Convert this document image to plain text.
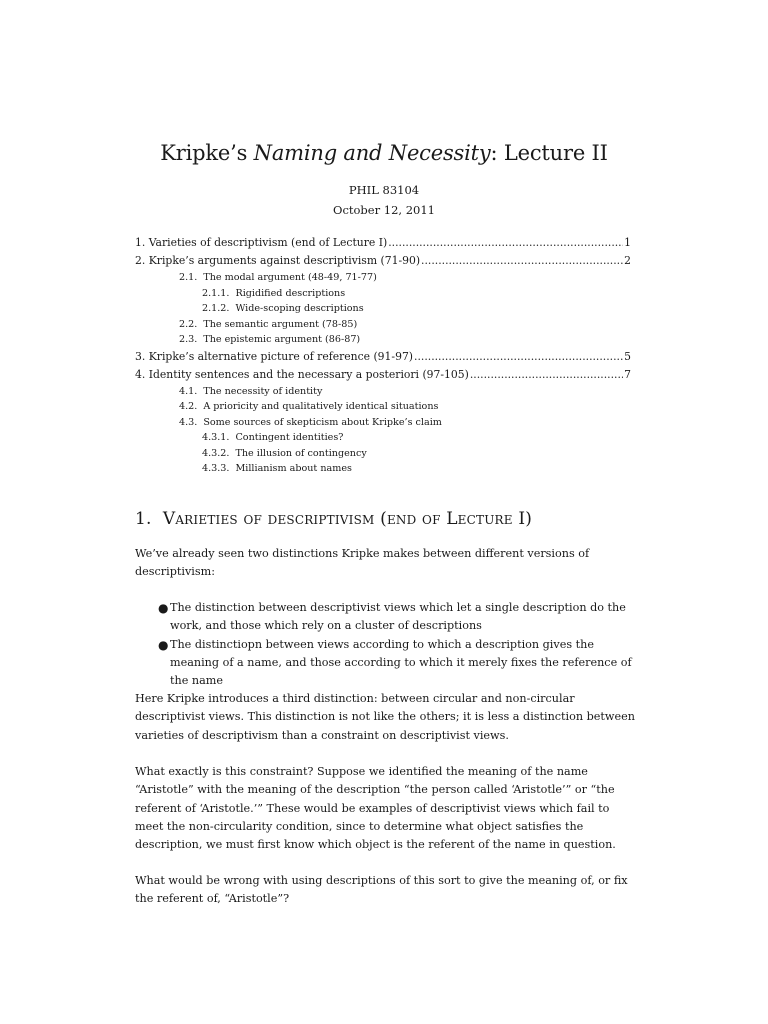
Kripke’s Naming and Necessity: Lecture II
PHIL 83104
October 12, 2011
1. Varieties of descriptivism (end of Lecture I) .....	1
2. Kripke’s arguments against descriptivism (71-90) .....	2
2.1. The modal argument (48-49, 71-77)
2.1.1. Rigidified descriptions
2.1.2. Wide-scoping descriptions
2.2. The semantic argument (78-85)
2.3. The epistemic argument (86-87)
3. Kripke’s alternative picture of reference (91-97) .....	5
4. Identity sentences and the necessary a posteriori (97-105) .....	7
4.1. The necessity of identity
4.2. A prioricity and qualitatively identical situations
4.3. Some sources of skepticism about Kripke’s claim
4.3.1. Contingent identities?
4.3.2. The illusion of contingency
4.3.3. Millianism about names
1. Varieties of descriptivism (end of Lecture I)
We’ve already seen two distinctions Kripke makes between different versions of descriptivism:
● The distinction between descriptivist views which let a single description do the work, and those which rely on a cluster of descriptions
● The distinctiopn between views according to which a description gives the meaning of a name, and those according to which it merely fixes the reference of the name
Here Kripke introduces a third distinction: between circular and non-circular descriptivist views. This distinction is not like the others; it is less a distinction between varieties of descriptivism than a constraint on descriptivist views.
What exactly is this constraint? Suppose we identified the meaning of the name “Aristotle” with the meaning of the description “the person called ‘Aristotle’” or “the referent of ‘Aristotle.’” These would be examples of descriptivist views which fail to meet the non-circularity condition, since to determine what object satisfies the description, we must first know which object is the referent of the name in question.
What would be wrong with using descriptions of this sort to give the meaning of, or fix the referent of, “Aristotle”?
